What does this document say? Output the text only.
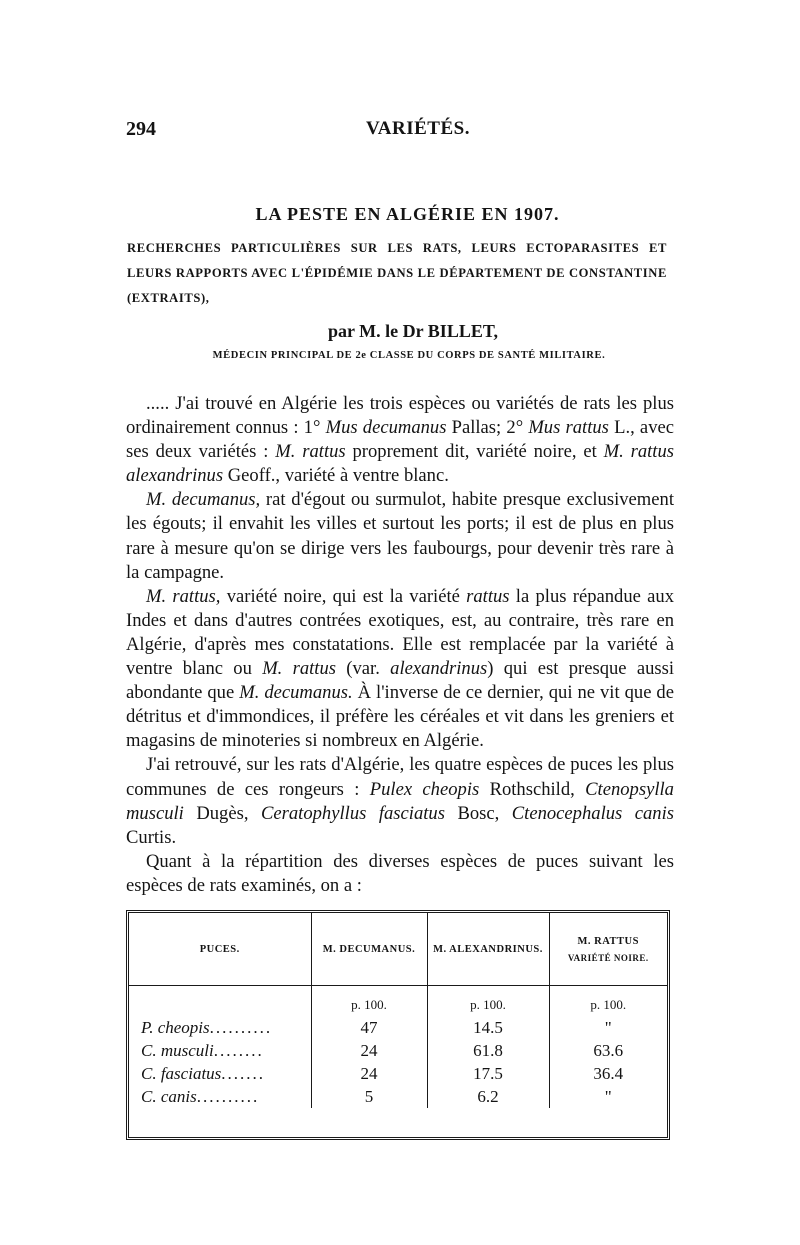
294	VARIÉTÉS.
LA PESTE EN ALGÉRIE EN 1907.
RECHERCHES PARTICULIÈRES SUR LES RATS, LEURS ECTOPARASITES ET LEURS RAPPORTS AVEC L'ÉPIDÉMIE DANS LE DÉPARTEMENT DE CONSTANTINE (EXTRAITS),
par M. le Dr BILLET,
MÉDECIN PRINCIPAL DE 2e CLASSE DU CORPS DE SANTÉ MILITAIRE.

..... J'ai trouvé en Algérie les trois espèces ou variétés de rats les plus ordinairement connus : 1° Mus decumanus Pallas; 2° Mus rattus L., avec ses deux variétés : M. rattus proprement dit, variété noire, et M. rattus alexandrinus Geoff., variété à ventre blanc.

M. decumanus, rat d'égout ou surmulot, habite presque exclusivement les égouts; il envahit les villes et surtout les ports; il est de plus en plus rare à mesure qu'on se dirige vers les faubourgs, pour devenir très rare à la campagne.

M. rattus, variété noire, qui est la variété rattus la plus répandue aux Indes et dans d'autres contrées exotiques, est, au contraire, très rare en Algérie, d'après mes constatations. Elle est remplacée par la variété à ventre blanc ou M. rattus (var. alexandrinus) qui est presque aussi abondante que M. decumanus. À l'inverse de ce dernier, qui ne vit que de détritus et d'immondices, il préfère les céréales et vit dans les greniers et magasins de minoteries si nombreux en Algérie.

J'ai retrouvé, sur les rats d'Algérie, les quatre espèces de puces les plus communes de ces rongeurs : Pulex cheopis Rothschild, Ctenopsylla musculi Dugès, Ceratophyllus fasciatus Bosc, Ctenocephalus canis Curtis.

Quant à la répartition des diverses espèces de puces suivant les espèces de rats examinés, on a :

PUCES.	M. DECUMANUS.	M. ALEXANDRINUS.	M. RATTUS
VARIÉTÉ NOIRE.

	p. 100.	p. 100.	p. 100.
P. cheopis..........	47	14.5	"
C. musculi........	24	61.8	63.6
C. fasciatus.......	24	17.5	36.4
C. canis..........	5	6.2	"
